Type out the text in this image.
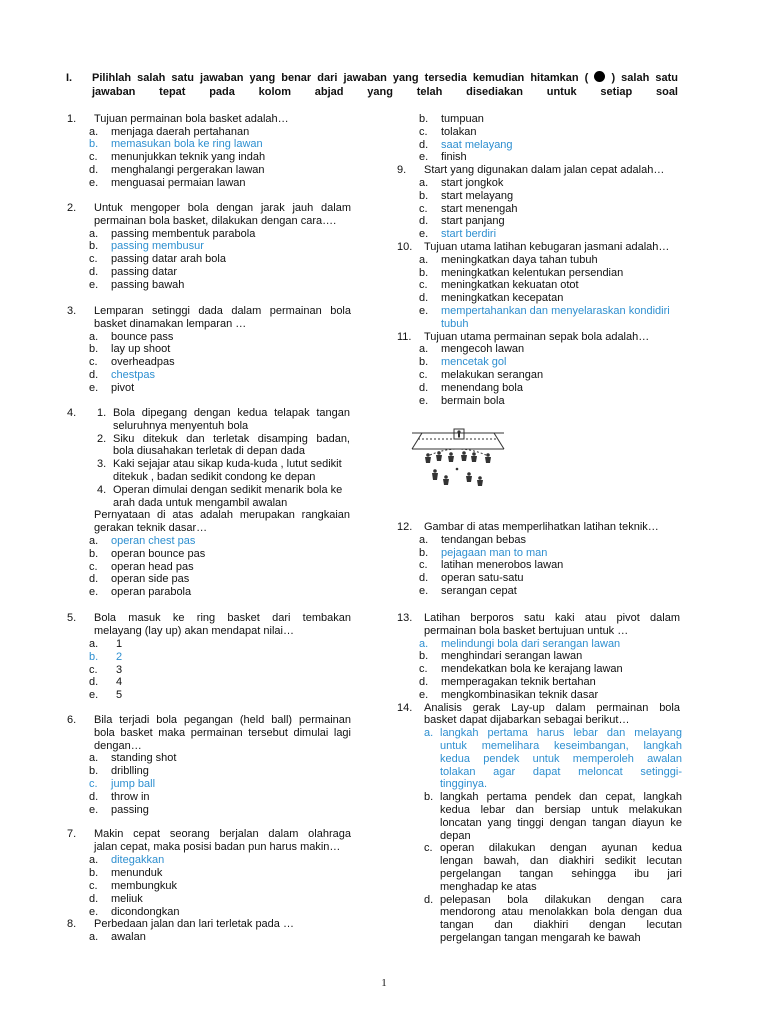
I. Pilihlah salah satu jawaban yang benar dari jawaban yang tersedia kemudian hitamkan ( ) salah satu
jawaban tepat pada kolom abjad yang telah disediakan untuk setiap soal
1. Tujuan permainan bola basket adalah…
a. menjaga daerah pertahanan
b. memasukan bola ke ring lawan
c. menunjukkan teknik yang indah
d. menghalangi pergerakan lawan
e. menguasai permaian lawan
2. Untuk mengoper bola dengan jarak jauh dalam
permainan bola basket, dilakukan dengan cara….
a. passing membentuk parabola
b. passing membusur
c. passing datar arah bola
d. passing datar
e. passing bawah
3. Lemparan setinggi dada dalam permainan bola
basket dinamakan lemparan …
a. bounce pass
b. lay up shoot
c. overheadpas
d. chestpas
e. pivot
4. 1. Bola dipegang dengan kedua telapak tangan
seluruhnya menyentuh bola
2. Siku ditekuk dan terletak disamping badan,
bola diusahakan terletak di depan dada
3. Kaki sejajar atau sikap kuda-kuda , lutut sedikit
ditekuk , badan sedikit condong ke depan
4. Operan dimulai dengan sedikit menarik bola ke
arah dada untuk mengambil awalan
Pernyataan di atas adalah merupakan rangkaian
gerakan teknik dasar…
a. operan chest pas
b. operan bounce pas
c. operan head pas
d. operan side pas
e. operan parabola
5. Bola masuk ke ring basket dari tembakan
melayang (lay up) akan mendapat nilai…
a. 1
b. 2
c. 3
d. 4
e. 5
6. Bila terjadi bola pegangan (held ball) permainan
bola basket maka permainan tersebut dimulai lagi
dengan…
a. standing shot
b. driblling
c. jump ball
d. throw in
e. passing
7. Makin cepat seorang berjalan dalam olahraga
jalan cepat, maka posisi badan pun harus makin…
a. ditegakkan
b. menunduk
c. membungkuk
d. meliuk
e. dicondongkan
8. Perbedaan jalan dan lari terletak pada …
a. awalan
b. tumpuan
c. tolakan
d. saat melayang
e. finish
9. Start yang digunakan dalam jalan cepat adalah…
a. start jongkok
b. start melayang
c. start menengah
d. start panjang
e. start berdiri
10. Tujuan utama latihan kebugaran jasmani adalah…
a. meningkatkan daya tahan tubuh
b. meningkatkan kelentukan persendian
c. meningkatkan kekuatan otot
d. meningkatkan kecepatan
e. mempertahankan dan menyelaraskan kondidiri
tubuh
11. Tujuan utama permainan sepak bola adalah…
a. mengecoh lawan
b. mencetak gol
c. melakukan serangan
d. menendang bola
e. bermain bola
12. Gambar di atas memperlihatkan latihan teknik…
a. tendangan bebas
b. pejagaan man to man
c. latihan menerobos lawan
d. operan satu-satu
e. serangan cepat
13. Latihan berporos satu kaki atau pivot dalam
permainan bola basket bertujuan untuk …
a. melindungi bola dari serangan lawan
b. menghindari serangan lawan
c. mendekatkan bola ke kerajang lawan
d. memperagakan teknik bertahan
e. mengkombinasikan teknik dasar
14. Analisis gerak Lay-up dalam permainan bola
basket dapat dijabarkan sebagai berikut…
a. langkah pertama harus lebar dan melayang
untuk memelihara keseimbangan, langkah
kedua pendek untuk memperoleh awalan
tolakan agar dapat meloncat setinggi-
tingginya.
b. langkah pertama pendek dan cepat, langkah
kedua lebar dan bersiap untuk melakukan
loncatan yang tinggi dengan tangan diayun ke
depan
c. operan dilakukan dengan ayunan kedua
lengan bawah, dan diakhiri sedikit lecutan
pergelangan tangan sehingga ibu jari
menghadap ke atas
d. pelepasan bola dilakukan dengan cara
mendorong atau menolakkan bola dengan dua
tangan dan diakhiri dengan lecutan
pergelangan tangan mengarah ke bawah
1
